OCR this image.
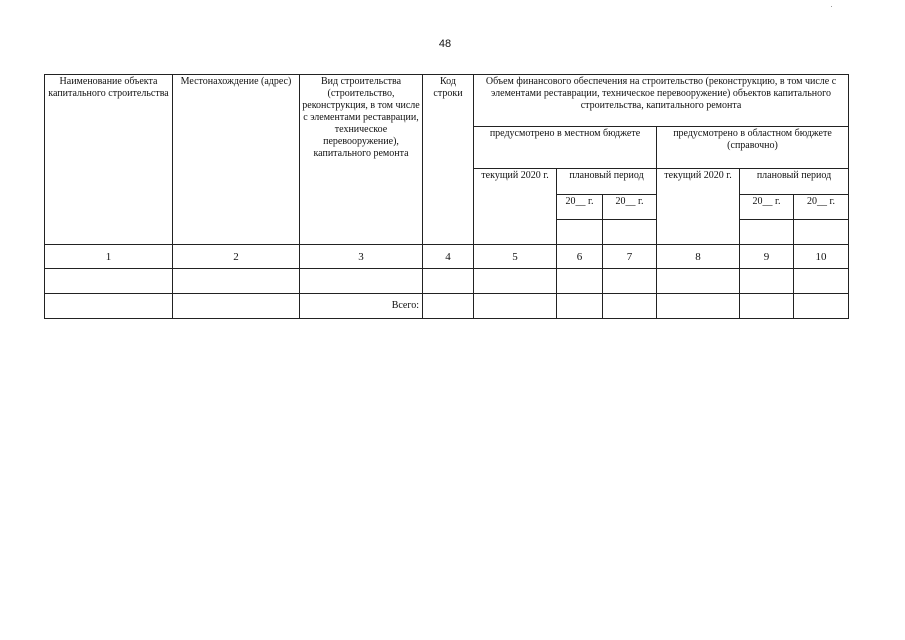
48
Наименование объекта капитального строительства	Местонахождение (адрес)	Вид строительства (строительство, реконструкция, в том числе с элементами реставрации, техническое перевооружение), капитального ремонта	Код строки	Объем финансового обеспечения на строительство (реконструкцию, в том числе с элементами реставрации, техническое перевооружение) объектов капитального строительства, капитального ремонта					
				предусмотрено в местном бюджете			предусмотрено в областном бюджете (справочно)		
				текущий 2020 г.	плановый период		текущий 2020 г.	плановый период	
					20__ г.	20__ г.		20__ г.	20__ г.

1	2	3	4	5	6	7	8	9	10

		Всего:							
